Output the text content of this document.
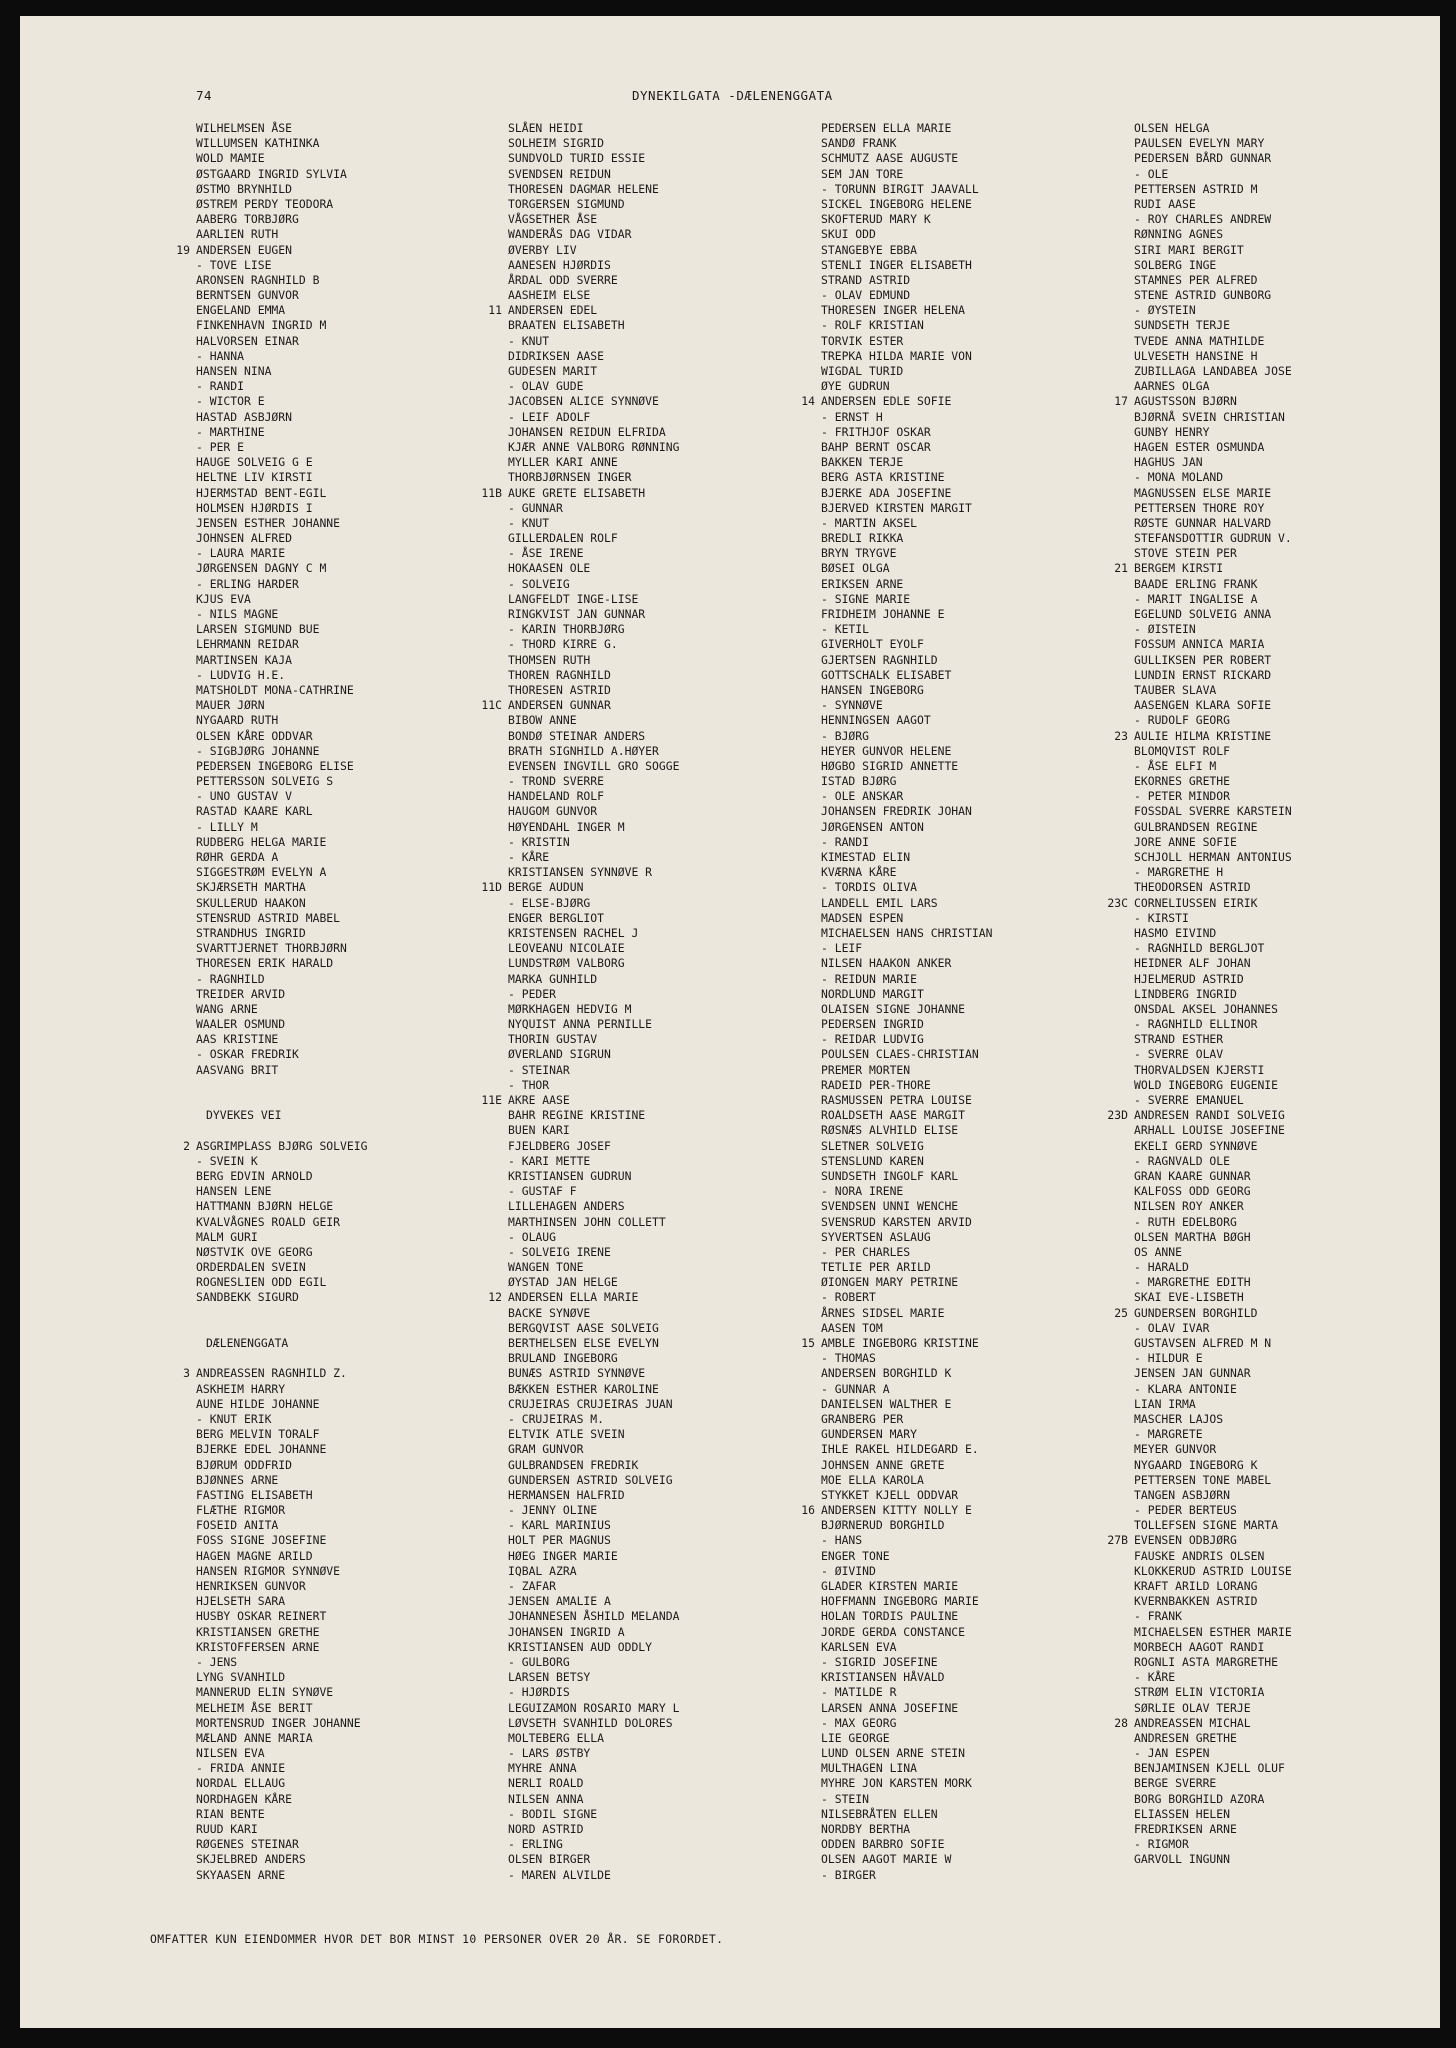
74	DYNEKILGATA -DÆLENENGGATA
WILHELMSEN ÅSE
WILLUMSEN KATHINKA
WOLD MAMIE
ØSTGAARD INGRID SYLVIA
ØSTMO BRYNHILD
ØSTREM PERDY TEODORA
AABERG TORBJØRG
AARLIEN RUTH
19 ANDERSEN EUGEN
- TOVE LISE
ARONSEN RAGNHILD B
BERNTSEN GUNVOR
ENGELAND EMMA
FINKENHAVN INGRID M
HALVORSEN EINAR
- HANNA
HANSEN NINA
- RANDI
- WICTOR E
HASTAD ASBJØRN
- MARTHINE
- PER E
HAUGE SOLVEIG G E
HELTNE LIV KIRSTI
HJERMSTAD BENT-EGIL
HOLMSEN HJØRDIS I
JENSEN ESTHER JOHANNE
JOHNSEN ALFRED
- LAURA MARIE
JØRGENSEN DAGNY C M
- ERLING HARDER
KJUS EVA
- NILS MAGNE
LARSEN SIGMUND BUE
LEHRMANN REIDAR
MARTINSEN KAJA
- LUDVIG H.E.
MATSHOLDT MONA-CATHRINE
MAUER JØRN
NYGAARD RUTH
OLSEN KÅRE ODDVAR
- SIGBJØRG JOHANNE
PEDERSEN INGEBORG ELISE
PETTERSSON SOLVEIG S
- UNO GUSTAV V
RASTAD KAARE KARL
- LILLY M
RUDBERG HELGA MARIE
RØHR GERDA A
SIGGESTRØM EVELYN A
SKJÆRSETH MARTHA
SKULLERUD HAAKON
STENSRUD ASTRID MABEL
STRANDHUS INGRID
SVARTTJERNET THORBJØRN
THORESEN ERIK HARALD
- RAGNHILD
TREIDER ARVID
WANG ARNE
WAALER OSMUND
AAS KRISTINE
- OSKAR FREDRIK
AASVANG BRIT
DYVEKES VEI
2 ASGRIMPLASS BJØRG SOLVEIG
- SVEIN K
BERG EDVIN ARNOLD
HANSEN LENE
HATTMANN BJØRN HELGE
KVALVÅGNES ROALD GEIR
MALM GURI
NØSTVIK OVE GEORG
ORDERDALEN SVEIN
ROGNESLIEN ODD EGIL
SANDBEKK SIGURD
DÆLENENGGATA
3 ANDREASSEN RAGNHILD Z.
ASKHEIM HARRY
AUNE HILDE JOHANNE
- KNUT ERIK
BERG MELVIN TORALF
BJERKE EDEL JOHANNE
BJØRUM ODDFRID
BJØNNES ARNE
FASTING ELISABETH
FLÆTHE RIGMOR
FOSEID ANITA
FOSS SIGNE JOSEFINE
HAGEN MAGNE ARILD
HANSEN RIGMOR SYNNØVE
HENRIKSEN GUNVOR
HJELSETH SARA
HUSBY OSKAR REINERT
KRISTIANSEN GRETHE
KRISTOFFERSEN ARNE
- JENS
LYNG SVANHILD
MANNERUD ELIN SYNØVE
MELHEIM ÅSE BERIT
MORTENSRUD INGER JOHANNE
MÆLAND ANNE MARIA
NILSEN EVA
- FRIDA ANNIE
NORDAL ELLAUG
NORDHAGEN KÅRE
RIAN BENTE
RUUD KARI
RØGENES STEINAR
SKJELBRED ANDERS
SKYAASEN ARNE
SLÅEN HEIDI
SOLHEIM SIGRID
SUNDVOLD TURID ESSIE
SVENDSEN REIDUN
THORESEN DAGMAR HELENE
TORGERSEN SIGMUND
VÅGSETHER ÅSE
WANDERÅS DAG VIDAR
ØVERBY LIV
AANESEN HJØRDIS
ÅRDAL ODD SVERRE
AASHEIM ELSE
11 ANDERSEN EDEL
BRAATEN ELISABETH
- KNUT
DIDRIKSEN AASE
GUDESEN MARIT
- OLAV GUDE
JACOBSEN ALICE SYNNØVE
- LEIF ADOLF
JOHANSEN REIDUN ELFRIDA
KJÆR ANNE VALBORG RØNNING
MYLLER KARI ANNE
THORBJØRNSEN INGER
11B AUKE GRETE ELISABETH
- GUNNAR
- KNUT
GILLERDALEN ROLF
- ÅSE IRENE
HOKAASEN OLE
- SOLVEIG
LANGFELDT INGE-LISE
RINGKVIST JAN GUNNAR
- KARIN THORBJØRG
- THORD KIRRE G.
THOMSEN RUTH
THOREN RAGNHILD
THORESEN ASTRID
11C ANDERSEN GUNNAR
BIBOW ANNE
BONDØ STEINAR ANDERS
BRATH SIGNHILD A.HØYER
EVENSEN INGVILL GRO SOGGE
- TROND SVERRE
HANDELAND ROLF
HAUGOM GUNVOR
HØYENDAHL INGER M
- KRISTIN
- KÅRE
KRISTIANSEN SYNNØVE R
11D BERGE AUDUN
- ELSE-BJØRG
ENGER BERGLIOT
KRISTENSEN RACHEL J
LEOVEANU NICOLAIE
LUNDSTRØM VALBORG
MARKA GUNHILD
- PEDER
MØRKHAGEN HEDVIG M
NYQUIST ANNA PERNILLE
THORIN GUSTAV
ØVERLAND SIGRUN
- STEINAR
- THOR
11E AKRE AASE
BAHR REGINE KRISTINE
BUEN KARI
FJELDBERG JOSEF
- KARI METTE
KRISTIANSEN GUDRUN
- GUSTAF F
LILLEHAGEN ANDERS
MARTHINSEN JOHN COLLETT
- OLAUG
- SOLVEIG IRENE
WANGEN TONE
ØYSTAD JAN HELGE
12 ANDERSEN ELLA MARIE
BACKE SYNØVE
BERGQVIST AASE SOLVEIG
BERTHELSEN ELSE EVELYN
BRULAND INGEBORG
BUNÆS ASTRID SYNNØVE
BÆKKEN ESTHER KAROLINE
CRUJEIRAS CRUJEIRAS JUAN
- CRUJEIRAS M.
ELTVIK ATLE SVEIN
GRAM GUNVOR
GULBRANDSEN FREDRIK
GUNDERSEN ASTRID SOLVEIG
HERMANSEN HALFRID
- JENNY OLINE
- KARL MARINIUS
HOLT PER MAGNUS
HØEG INGER MARIE
IQBAL AZRA
- ZAFAR
JENSEN AMALIE A
JOHANNESEN ÅSHILD MELANDA
JOHANSEN INGRID A
KRISTIANSEN AUD ODDLY
- GULBORG
LARSEN BETSY
- HJØRDIS
LEGUIZAMON ROSARIO MARY L
LØVSETH SVANHILD DOLORES
MOLTEBERG ELLA
- LARS ØSTBY
MYHRE ANNA
NERLI ROALD
NILSEN ANNA
- BODIL SIGNE
NORD ASTRID
- ERLING
OLSEN BIRGER
- MAREN ALVILDE
PEDERSEN ELLA MARIE
SANDØ FRANK
SCHMUTZ AASE AUGUSTE
SEM JAN TORE
- TORUNN BIRGIT JAAVALL
SICKEL INGEBORG HELENE
SKOFTERUD MARY K
SKUI ODD
STANGEBYE EBBA
STENLI INGER ELISABETH
STRAND ASTRID
- OLAV EDMUND
THORESEN INGER HELENA
- ROLF KRISTIAN
TORVIK ESTER
TREPKA HILDA MARIE VON
WIGDAL TURID
ØYE GUDRUN
14 ANDERSEN EDLE SOFIE
- ERNST H
- FRITHJOF OSKAR
BAHP BERNT OSCAR
BAKKEN TERJE
BERG ASTA KRISTINE
BJERKE ADA JOSEFINE
BJERVED KIRSTEN MARGIT
- MARTIN AKSEL
BREDLI RIKKA
BRYN TRYGVE
BØSEI OLGA
ERIKSEN ARNE
- SIGNE MARIE
FRIDHEIM JOHANNE E
- KETIL
GIVERHOLT EYOLF
GJERTSEN RAGNHILD
GOTTSCHALK ELISABET
HANSEN INGEBORG
- SYNNØVE
HENNINGSEN AAGOT
- BJØRG
HEYER GUNVOR HELENE
HØGBO SIGRID ANNETTE
ISTAD BJØRG
- OLE ANSKAR
JOHANSEN FREDRIK JOHAN
JØRGENSEN ANTON
- RANDI
KIMESTAD ELIN
KVÆRNA KÅRE
- TORDIS OLIVA
LANDELL EMIL LARS
MADSEN ESPEN
MICHAELSEN HANS CHRISTIAN
- LEIF
NILSEN HAAKON ANKER
- REIDUN MARIE
NORDLUND MARGIT
OLAISEN SIGNE JOHANNE
PEDERSEN INGRID
- REIDAR LUDVIG
POULSEN CLAES-CHRISTIAN
PREMER MORTEN
RADEID PER-THORE
RASMUSSEN PETRA LOUISE
ROALDSETH AASE MARGIT
RØSNÆS ALVHILD ELISE
SLETNER SOLVEIG
STENSLUND KAREN
SUNDSETH INGOLF KARL
- NORA IRENE
SVENDSEN UNNI WENCHE
SVENSRUD KARSTEN ARVID
SYVERTSEN ASLAUG
- PER CHARLES
TETLIE PER ARILD
ØIONGEN MARY PETRINE
- ROBERT
ÅRNES SIDSEL MARIE
AASEN TOM
15 AMBLE INGEBORG KRISTINE
- THOMAS
ANDERSEN BORGHILD K
- GUNNAR A
DANIELSEN WALTHER E
GRANBERG PER
GUNDERSEN MARY
IHLE RAKEL HILDEGARD E.
JOHNSEN ANNE GRETE
MOE ELLA KAROLA
STYKKET KJELL ODDVAR
16 ANDERSEN KITTY NOLLY E
BJØRNERUD BORGHILD
- HANS
ENGER TONE
- ØIVIND
GLADER KIRSTEN MARIE
HOFFMANN INGEBORG MARIE
HOLAN TORDIS PAULINE
JORDE GERDA CONSTANCE
KARLSEN EVA
- SIGRID JOSEFINE
KRISTIANSEN HÅVALD
- MATILDE R
LARSEN ANNA JOSEFINE
- MAX GEORG
LIE GEORGE
LUND OLSEN ARNE STEIN
MULTHAGEN LINA
MYHRE JON KARSTEN MORK
- STEIN
NILSEBRÅTEN ELLEN
NORDBY BERTHA
ODDEN BARBRO SOFIE
OLSEN AAGOT MARIE W
- BIRGER
OLSEN HELGA
PAULSEN EVELYN MARY
PEDERSEN BÅRD GUNNAR
- OLE
PETTERSEN ASTRID M
RUDI AASE
- ROY CHARLES ANDREW
RØNNING AGNES
SIRI MARI BERGIT
SOLBERG INGE
STAMNES PER ALFRED
STENE ASTRID GUNBORG
- ØYSTEIN
SUNDSETH TERJE
TVEDE ANNA MATHILDE
ULVESETH HANSINE H
ZUBILLAGA LANDABEA JOSE
AARNES OLGA
17 AGUSTSSON BJØRN
BJØRNÅ SVEIN CHRISTIAN
GUNBY HENRY
HAGEN ESTER OSMUNDA
HAGHUS JAN
- MONA MOLAND
MAGNUSSEN ELSE MARIE
PETTERSEN THORE ROY
RØSTE GUNNAR HALVARD
STEFANSDOTTIR GUDRUN V.
STOVE STEIN PER
21 BERGEM KIRSTI
BAADE ERLING FRANK
- MARIT INGALISE A
EGELUND SOLVEIG ANNA
- ØISTEIN
FOSSUM ANNICA MARIA
GULLIKSEN PER ROBERT
LUNDIN ERNST RICKARD
TAUBER SLAVA
AASENGEN KLARA SOFIE
- RUDOLF GEORG
23 AULIE HILMA KRISTINE
BLOMQVIST ROLF
- ÅSE ELFI M
EKORNES GRETHE
- PETER MINDOR
FOSSDAL SVERRE KARSTEIN
GULBRANDSEN REGINE
JORE ANNE SOFIE
SCHJOLL HERMAN ANTONIUS
- MARGRETHE H
THEODORSEN ASTRID
23C CORNELIUSSEN EIRIK
- KIRSTI
HASMO EIVIND
- RAGNHILD BERGLJOT
HEIDNER ALF JOHAN
HJELMERUD ASTRID
LINDBERG INGRID
ONSDAL AKSEL JOHANNES
- RAGNHILD ELLINOR
STRAND ESTHER
- SVERRE OLAV
THORVALDSEN KJERSTI
WOLD INGEBORG EUGENIE
- SVERRE EMANUEL
23D ANDRESEN RANDI SOLVEIG
ARHALL LOUISE JOSEFINE
EKELI GERD SYNNØVE
- RAGNVALD OLE
GRAN KAARE GUNNAR
KALFOSS ODD GEORG
NILSEN ROY ANKER
- RUTH EDELBORG
OLSEN MARTHA BØGH
OS ANNE
- HARALD
- MARGRETHE EDITH
SKAI EVE-LISBETH
25 GUNDERSEN BORGHILD
- OLAV IVAR
GUSTAVSEN ALFRED M N
- HILDUR E
JENSEN JAN GUNNAR
- KLARA ANTONIE
LIAN IRMA
MASCHER LAJOS
- MARGRETE
MEYER GUNVOR
NYGAARD INGEBORG K
PETTERSEN TONE MABEL
TANGEN ASBJØRN
- PEDER BERTEUS
TOLLEFSEN SIGNE MARTA
27B EVENSEN ODBJØRG
FAUSKE ANDRIS OLSEN
KLOKKERUD ASTRID LOUISE
KRAFT ARILD LORANG
KVERNBAKKEN ASTRID
- FRANK
MICHAELSEN ESTHER MARIE
MORBECH AAGOT RANDI
ROGNLI ASTA MARGRETHE
- KÅRE
STRØM ELIN VICTORIA
SØRLIE OLAV TERJE
28 ANDREASSEN MICHAL
ANDRESEN GRETHE
- JAN ESPEN
BENJAMINSEN KJELL OLUF
BERGE SVERRE
BORG BORGHILD AZORA
ELIASSEN HELEN
FREDRIKSEN ARNE
- RIGMOR
GARVOLL INGUNN
OMFATTER KUN EIENDOMMER HVOR DET BOR MINST 10 PERSONER OVER 20 ÅR. SE FORORDET.
